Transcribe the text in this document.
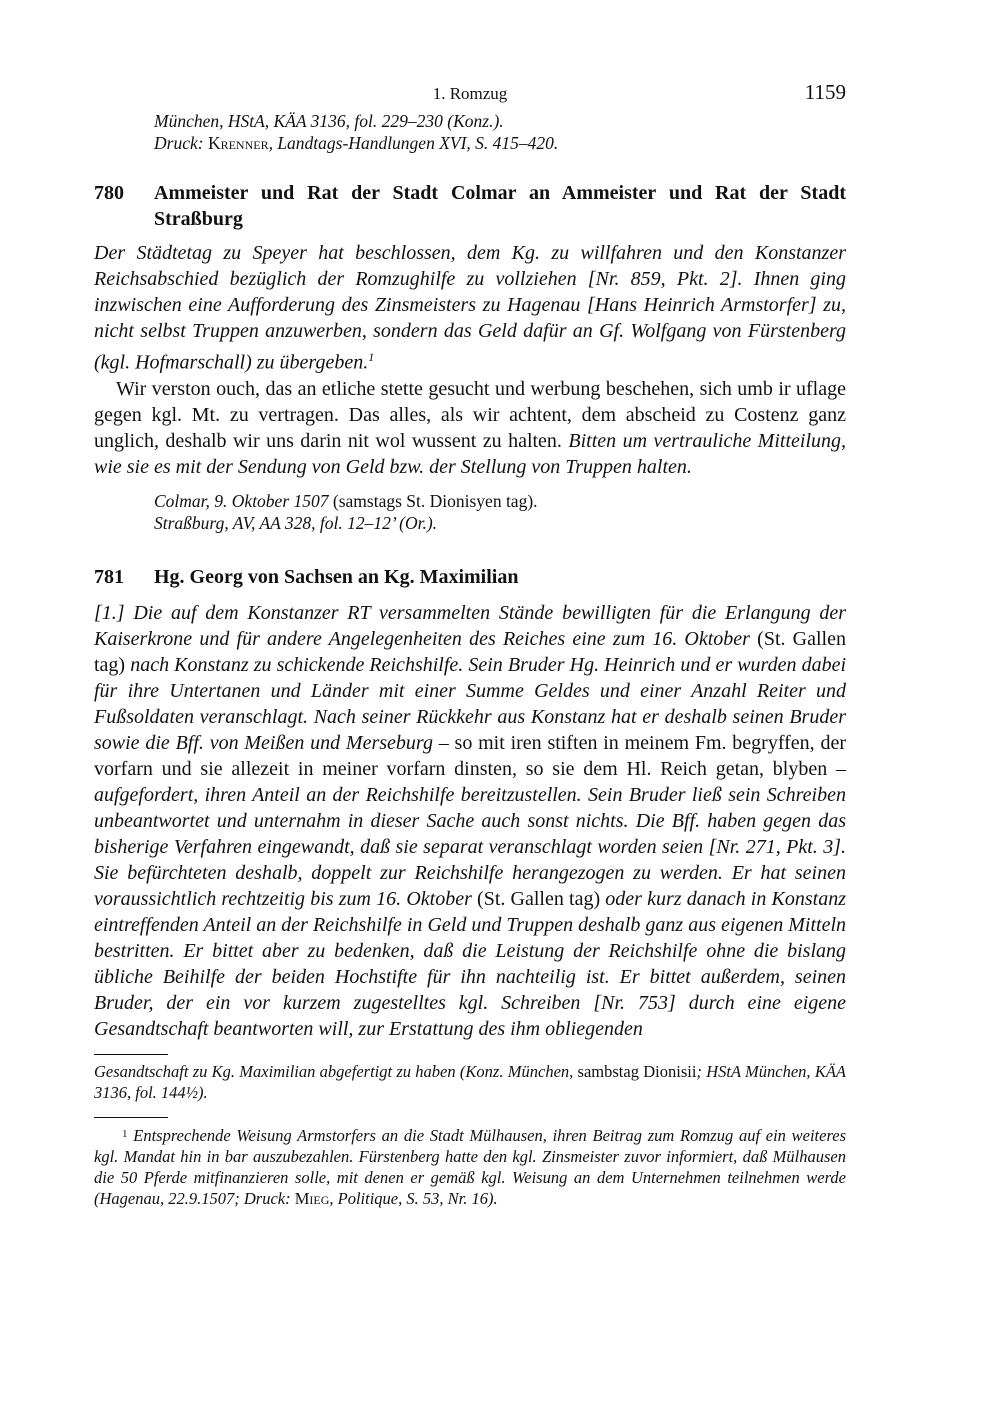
1. Romzug	1159
München, HStA, KÄA 3136, fol. 229–230 (Konz.).
Druck: Krenner, Landtags-Handlungen XVI, S. 415–420.
780	Ammeister und Rat der Stadt Colmar an Ammeister und Rat der Stadt Straßburg

Der Städtetag zu Speyer hat beschlossen, dem Kg. zu willfahren und den Konstanzer Reichsabschied bezüglich der Romzughilfe zu vollziehen [Nr. 859, Pkt. 2]. Ihnen ging inzwischen eine Aufforderung des Zinsmeisters zu Hagenau [Hans Heinrich Armstorfer] zu, nicht selbst Truppen anzuwerben, sondern das Geld dafür an Gf. Wolfgang von Fürstenberg (kgl. Hofmarschall) zu übergeben.$^1$

Wir verston ouch, das an etliche stette gesucht und werbung beschehen, sich umb ir uflage gegen kgl. Mt. zu vertragen. Das alles, als wir achtent, dem abscheid zu Costenz ganz unglich, deshalb wir uns darin nit wol wussent zu halten. Bitten um vertrauliche Mitteilung, wie sie es mit der Sendung von Geld bzw. der Stellung von Truppen halten.

Colmar, 9. Oktober 1507 (samstags St. Dionisyen tag).
Straßburg, AV, AA 328, fol. 12–12’ (Or.).
781	Hg. Georg von Sachsen an Kg. Maximilian

[1.] Die auf dem Konstanzer RT versammelten Stände bewilligten für die Erlangung der Kaiserkrone und für andere Angelegenheiten des Reiches eine zum 16. Oktober (St. Gallen tag) nach Konstanz zu schickende Reichshilfe. Sein Bruder Hg. Heinrich und er wurden dabei für ihre Untertanen und Länder mit einer Summe Geldes und einer Anzahl Reiter und Fußsoldaten veranschlagt. Nach seiner Rückkehr aus Konstanz hat er deshalb seinen Bruder sowie die Bff. von Meißen und Merseburg – so mit iren stiften in meinem Fm. begryffen, der vorfarn und sie allezeit in meiner vorfarn dinsten, so sie dem Hl. Reich getan, blyben – aufgefordert, ihren Anteil an der Reichshilfe bereitzustellen. Sein Bruder ließ sein Schreiben unbeantwortet und unternahm in dieser Sache auch sonst nichts. Die Bff. haben gegen das bisherige Verfahren eingewandt, daß sie separat veranschlagt worden seien [Nr. 271, Pkt. 3]. Sie befürchteten deshalb, doppelt zur Reichshilfe herangezogen zu werden. Er hat seinen voraussichtlich rechtzeitig bis zum 16. Oktober (St. Gallen tag) oder kurz danach in Konstanz eintreffenden Anteil an der Reichshilfe in Geld und Truppen deshalb ganz aus eigenen Mitteln bestritten. Er bittet aber zu bedenken, daß die Leistung der Reichshilfe ohne die bislang übliche Beihilfe der beiden Hochstifte für ihn nachteilig ist. Er bittet außerdem, seinen Bruder, der ein vor kurzem zugestelltes kgl. Schreiben [Nr. 753] durch eine eigene Gesandtschaft beantworten will, zur Erstattung des ihm obliegenden

Gesandtschaft zu Kg. Maximilian abgefertigt zu haben (Konz. München, sambstag Dionisii; HStA München, KÄA 3136, fol. 144½).
$^1$ Entsprechende Weisung Armstorfers an die Stadt Mülhausen, ihren Beitrag zum Romzug auf ein weiteres kgl. Mandat hin in bar auszubezahlen. Fürstenberg hatte den kgl. Zinsmeister zuvor informiert, daß Mülhausen die 50 Pferde mitfinanzieren solle, mit denen er gemäß kgl. Weisung an dem Unternehmen teilnehmen werde (Hagenau, 22.9.1507; Druck: Mieg, Politique, S. 53, Nr. 16).
